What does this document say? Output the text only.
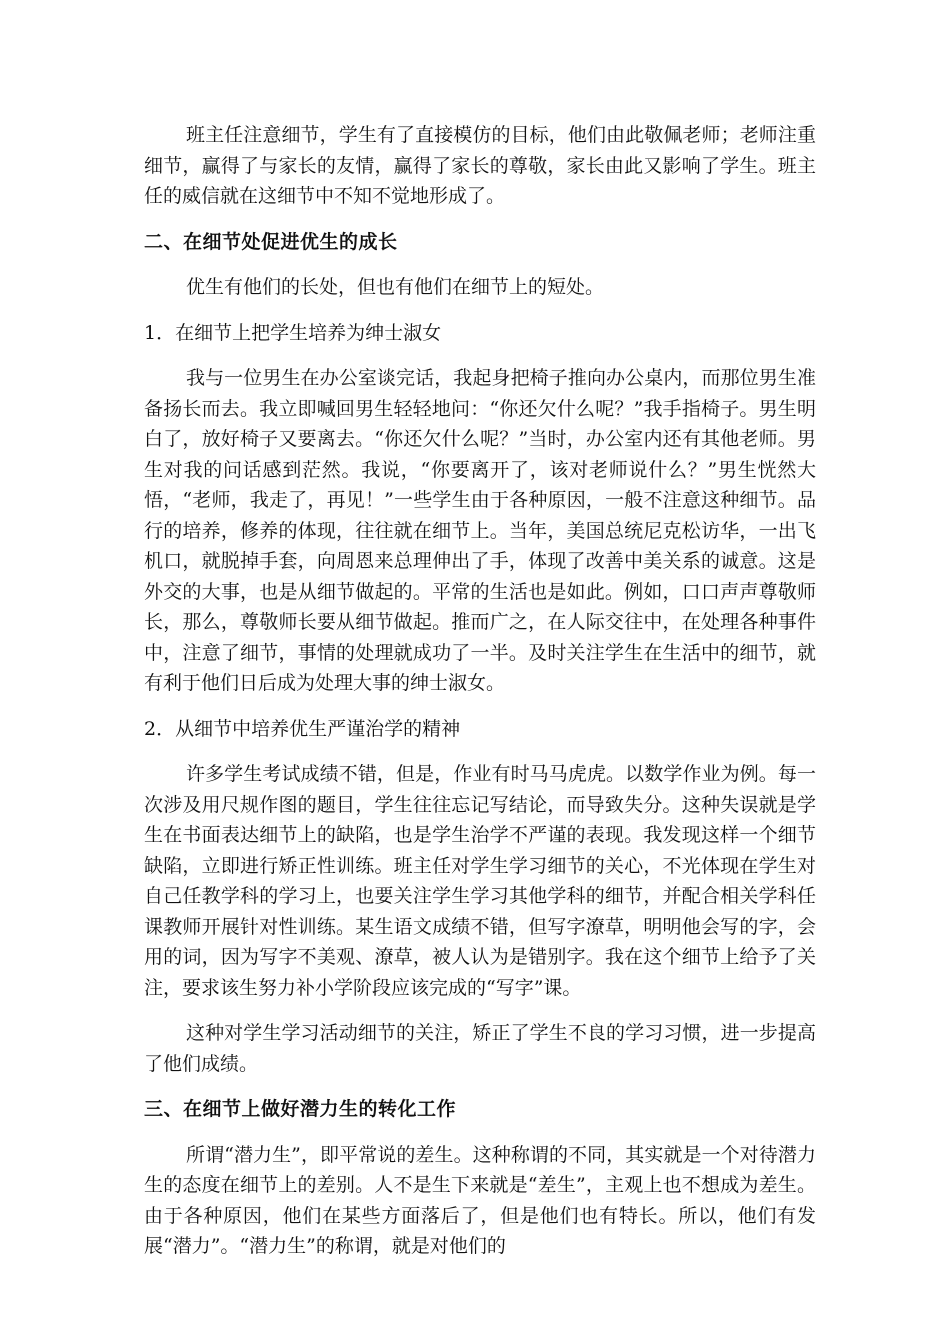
班主任注意细节，学生有了直接模仿的目标，他们由此敬佩老师；老师注重细节，赢得了与家长的友情，赢得了家长的尊敬，家长由此又影响了学生。班主任的威信就在这细节中不知不觉地形成了。

二、在细节处促进优生的成长

优生有他们的长处，但也有他们在细节上的短处。

1．在细节上把学生培养为绅士淑女

我与一位男生在办公室谈完话，我起身把椅子推向办公桌内，而那位男生准备扬长而去。我立即喊回男生轻轻地问：“你还欠什么呢？”我手指椅子。男生明白了，放好椅子又要离去。“你还欠什么呢？”当时，办公室内还有其他老师。男生对我的问话感到茫然。我说，“你要离开了，该对老师说什么？”男生恍然大悟，“老师，我走了，再见！”一些学生由于各种原因，一般不注意这种细节。品行的培养，修养的体现，往往就在细节上。当年，美国总统尼克松访华，一出飞机口，就脱掉手套，向周恩来总理伸出了手，体现了改善中美关系的诚意。这是外交的大事，也是从细节做起的。平常的生活也是如此。例如，口口声声尊敬师长，那么，尊敬师长要从细节做起。推而广之，在人际交往中，在处理各种事件中，注意了细节，事情的处理就成功了一半。及时关注学生在生活中的细节，就有利于他们日后成为处理大事的绅士淑女。

2．从细节中培养优生严谨治学的精神

许多学生考试成绩不错，但是，作业有时马马虎虎。以数学作业为例。每一次涉及用尺规作图的题目，学生往往忘记写结论，而导致失分。这种失误就是学生在书面表达细节上的缺陷，也是学生治学不严谨的表现。我发现这样一个细节缺陷，立即进行矫正性训练。班主任对学生学习细节的关心，不光体现在学生对自己任教学科的学习上，也要关注学生学习其他学科的细节，并配合相关学科任课教师开展针对性训练。某生语文成绩不错，但写字潦草，明明他会写的字，会用的词，因为写字不美观、潦草，被人认为是错别字。我在这个细节上给予了关注，要求该生努力补小学阶段应该完成的“写字”课。

这种对学生学习活动细节的关注，矫正了学生不良的学习习惯，进一步提高了他们成绩。

三、在细节上做好潜力生的转化工作

所谓“潜力生”，即平常说的差生。这种称谓的不同，其实就是一个对待潜力生的态度在细节上的差别。人不是生下来就是“差生”，主观上也不想成为差生。由于各种原因，他们在某些方面落后了，但是他们也有特长。所以，他们有发展“潜力”。“潜力生”的称谓，就是对他们的
